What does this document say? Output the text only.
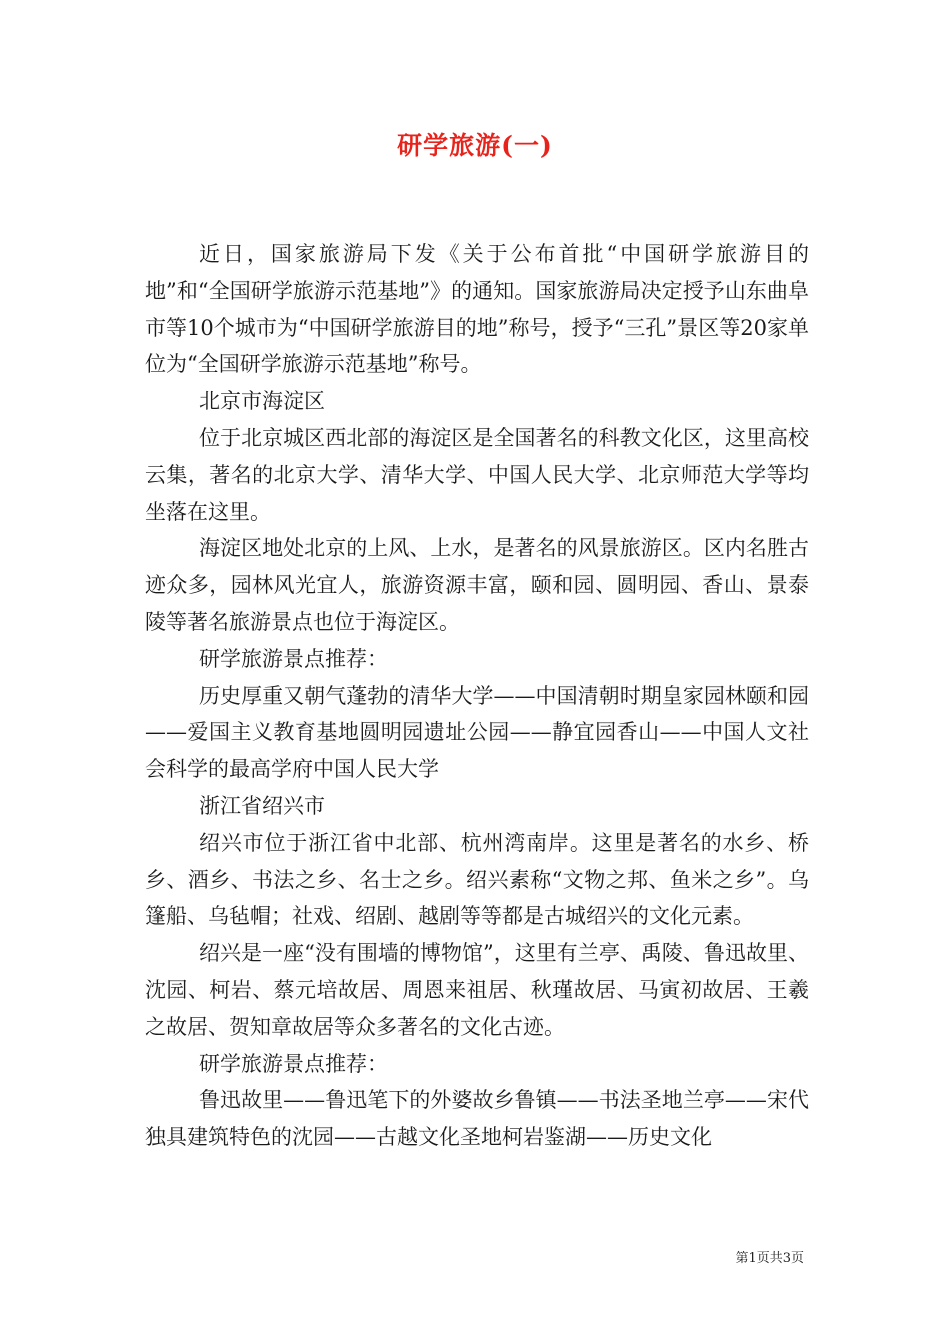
研学旅游(一)

近日，国家旅游局下发《关于公布首批“中国研学旅游目的地”和“全国研学旅游示范基地”》的通知。国家旅游局决定授予山东曲阜市等10个城市为“中国研学旅游目的地”称号，授予“三孔”景区等20家单位为“全国研学旅游示范基地”称号。

北京市海淀区

位于北京城区西北部的海淀区是全国著名的科教文化区，这里高校云集，著名的北京大学、清华大学、中国人民大学、北京师范大学等均坐落在这里。

海淀区地处北京的上风、上水，是著名的风景旅游区。区内名胜古迹众多，园林风光宜人，旅游资源丰富，颐和园、圆明园、香山、景泰陵等著名旅游景点也位于海淀区。

研学旅游景点推荐：

历史厚重又朝气蓬勃的清华大学——中国清朝时期皇家园林颐和园——爱国主义教育基地圆明园遗址公园——静宜园香山——中国人文社会科学的最高学府中国人民大学

浙江省绍兴市

绍兴市位于浙江省中北部、杭州湾南岸。这里是著名的水乡、桥乡、酒乡、书法之乡、名士之乡。绍兴素称“文物之邦、鱼米之乡”。乌篷船、乌毡帽；社戏、绍剧、越剧等等都是古城绍兴的文化元素。

绍兴是一座“没有围墙的博物馆”，这里有兰亭、禹陵、鲁迅故里、沈园、柯岩、蔡元培故居、周恩来祖居、秋瑾故居、马寅初故居、王羲之故居、贺知章故居等众多著名的文化古迹。

研学旅游景点推荐：

鲁迅故里——鲁迅笔下的外婆故乡鲁镇——书法圣地兰亭——宋代独具建筑特色的沈园——古越文化圣地柯岩鉴湖——历史文化

第1页共3页
